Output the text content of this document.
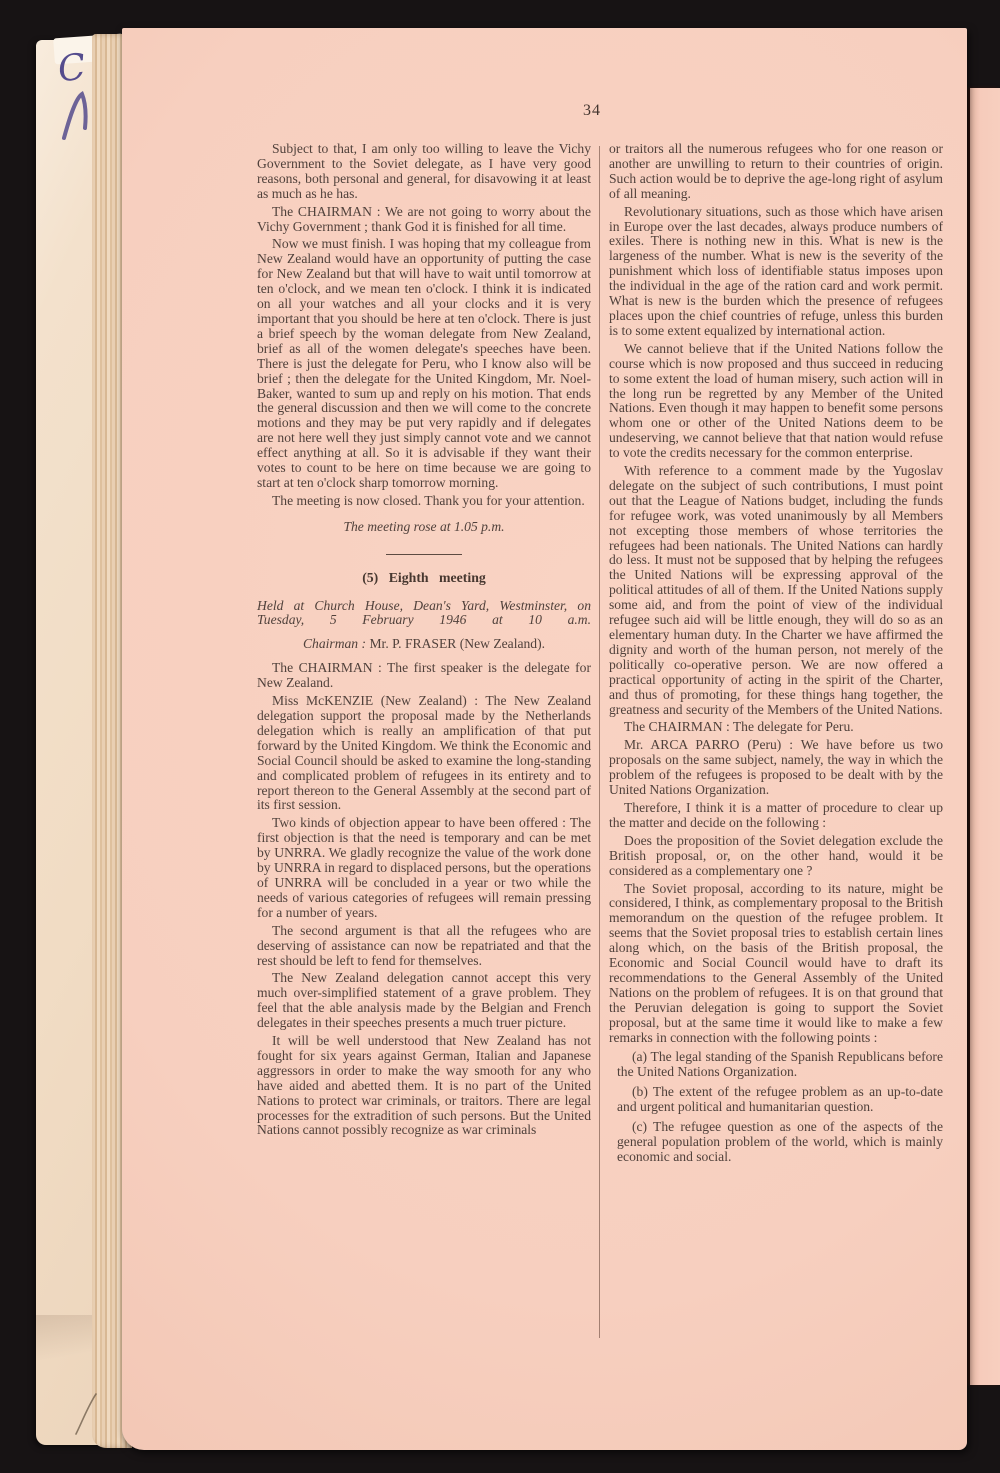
C
34

Subject to that, I am only too willing to leave the Vichy Government to the Soviet delegate, as I have very good reasons, both personal and general, for disavowing it at least as much as he has.

The CHAIRMAN : We are not going to worry about the Vichy Government ; thank God it is finished for all time.

Now we must finish. I was hoping that my colleague from New Zealand would have an opportunity of putting the case for New Zealand but that will have to wait until tomorrow at ten o'clock, and we mean ten o'clock. I think it is indicated on all your watches and all your clocks and it is very important that you should be here at ten o'clock. There is just a brief speech by the woman delegate from New Zealand, brief as all of the women delegate's speeches have been. There is just the delegate for Peru, who I know also will be brief ; then the delegate for the United Kingdom, Mr. Noel-Baker, wanted to sum up and reply on his motion. That ends the general discussion and then we will come to the concrete motions and they may be put very rapidly and if delegates are not here well they just simply cannot vote and we cannot effect anything at all. So it is advisable if they want their votes to count to be here on time because we are going to start at ten o'clock sharp tomorrow morning.

The meeting is now closed. Thank you for your attention.

The meeting rose at 1.05 p.m.

(5) Eighth meeting

Held at Church House, Dean's Yard, Westminster, on Tuesday, 5 February 1946 at 10 a.m.

Chairman : Mr. P. FRASER (New Zealand).

The CHAIRMAN : The first speaker is the delegate for New Zealand.

Miss McKENZIE (New Zealand) : The New Zealand delegation support the proposal made by the Netherlands delegation which is really an amplification of that put forward by the United Kingdom. We think the Economic and Social Council should be asked to examine the long-standing and complicated problem of refugees in its entirety and to report thereon to the General Assembly at the second part of its first session.

Two kinds of objection appear to have been offered : The first objection is that the need is temporary and can be met by UNRRA. We gladly recognize the value of the work done by UNRRA in regard to displaced persons, but the operations of UNRRA will be concluded in a year or two while the needs of various categories of refugees will remain pressing for a number of years.

The second argument is that all the refugees who are deserving of assistance can now be repatriated and that the rest should be left to fend for themselves.

The New Zealand delegation cannot accept this very much over-simplified statement of a grave problem. They feel that the able analysis made by the Belgian and French delegates in their speeches presents a much truer picture.

It will be well understood that New Zealand has not fought for six years against German, Italian and Japanese aggressors in order to make the way smooth for any who have aided and abetted them. It is no part of the United Nations to protect war criminals, or traitors. There are legal processes for the extradition of such persons. But the United Nations cannot possibly recognize as war criminals

or traitors all the numerous refugees who for one reason or another are unwilling to return to their countries of origin. Such action would be to deprive the age-long right of asylum of all meaning.

Revolutionary situations, such as those which have arisen in Europe over the last decades, always produce numbers of exiles. There is nothing new in this. What is new is the largeness of the number. What is new is the severity of the punishment which loss of identifiable status imposes upon the individual in the age of the ration card and work permit. What is new is the burden which the presence of refugees places upon the chief countries of refuge, unless this burden is to some extent equalized by international action.

We cannot believe that if the United Nations follow the course which is now proposed and thus succeed in reducing to some extent the load of human misery, such action will in the long run be regretted by any Member of the United Nations. Even though it may happen to benefit some persons whom one or other of the United Nations deem to be undeserving, we cannot believe that that nation would refuse to vote the credits necessary for the common enterprise.

With reference to a comment made by the Yugoslav delegate on the subject of such contributions, I must point out that the League of Nations budget, including the funds for refugee work, was voted unanimously by all Members not excepting those members of whose territories the refugees had been nationals. The United Nations can hardly do less. It must not be supposed that by helping the refugees the United Nations will be expressing approval of the political attitudes of all of them. If the United Nations supply some aid, and from the point of view of the individual refugee such aid will be little enough, they will do so as an elementary human duty. In the Charter we have affirmed the dignity and worth of the human person, not merely of the politically co-operative person. We are now offered a practical opportunity of acting in the spirit of the Charter, and thus of promoting, for these things hang together, the greatness and security of the Members of the United Nations.

The CHAIRMAN : The delegate for Peru.

Mr. ARCA PARRO (Peru) : We have before us two proposals on the same subject, namely, the way in which the problem of the refugees is proposed to be dealt with by the United Nations Organization.

Therefore, I think it is a matter of procedure to clear up the matter and decide on the following :

Does the proposition of the Soviet delegation exclude the British proposal, or, on the other hand, would it be considered as a complementary one ?

The Soviet proposal, according to its nature, might be considered, I think, as complementary proposal to the British memorandum on the question of the refugee problem. It seems that the Soviet proposal tries to establish certain lines along which, on the basis of the British proposal, the Economic and Social Council would have to draft its recommendations to the General Assembly of the United Nations on the problem of refugees. It is on that ground that the Peruvian delegation is going to support the Soviet proposal, but at the same time it would like to make a few remarks in connection with the following points :

(a) The legal standing of the Spanish Republicans before the United Nations Organization.

(b) The extent of the refugee problem as an up-to-date and urgent political and humanitarian question.

(c) The refugee question as one of the aspects of the general population problem of the world, which is mainly economic and social.
